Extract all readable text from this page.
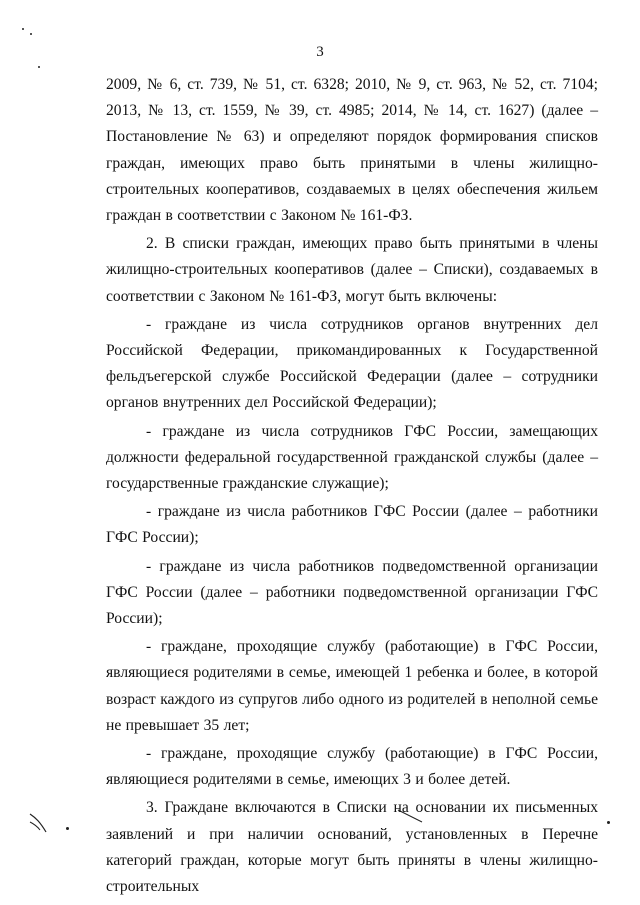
3

2009, № 6, ст. 739, № 51, ст. 6328; 2010, № 9, ст. 963, № 52, ст. 7104; 2013, № 13, ст. 1559, № 39, ст. 4985; 2014, № 14, ст. 1627) (далее – Постановление № 63) и определяют порядок формирования списков граждан, имеющих право быть принятыми в члены жилищно-строительных кооперативов, создаваемых в целях обеспечения жильем граждан в соответствии с Законом № 161-ФЗ.

2. В списки граждан, имеющих право быть принятыми в члены жилищно-строительных кооперативов (далее – Списки), создаваемых в соответствии с Законом № 161-ФЗ, могут быть включены:

- граждане из числа сотрудников органов внутренних дел Российской Федерации, прикомандированных к Государственной фельдъегерской службе Российской Федерации (далее – сотрудники органов внутренних дел Российской Федерации);

- граждане из числа сотрудников ГФС России, замещающих должности федеральной государственной гражданской службы (далее – государственные гражданские служащие);

- граждане из числа работников ГФС России (далее – работники ГФС России);

- граждане из числа работников подведомственной организации ГФС России (далее – работники подведомственной организации ГФС России);

- граждане, проходящие службу (работающие) в ГФС России, являющиеся родителями в семье, имеющей 1 ребенка и более, в которой возраст каждого из супругов либо одного из родителей в неполной семье не превышает 35 лет;

- граждане, проходящие службу (работающие) в ГФС России, являющиеся родителями в семье, имеющих 3 и более детей.

3. Граждане включаются в Списки на основании их письменных заявлений и при наличии оснований, установленных в Перечне категорий граждан, которые могут быть приняты в члены жилищно-строительных
